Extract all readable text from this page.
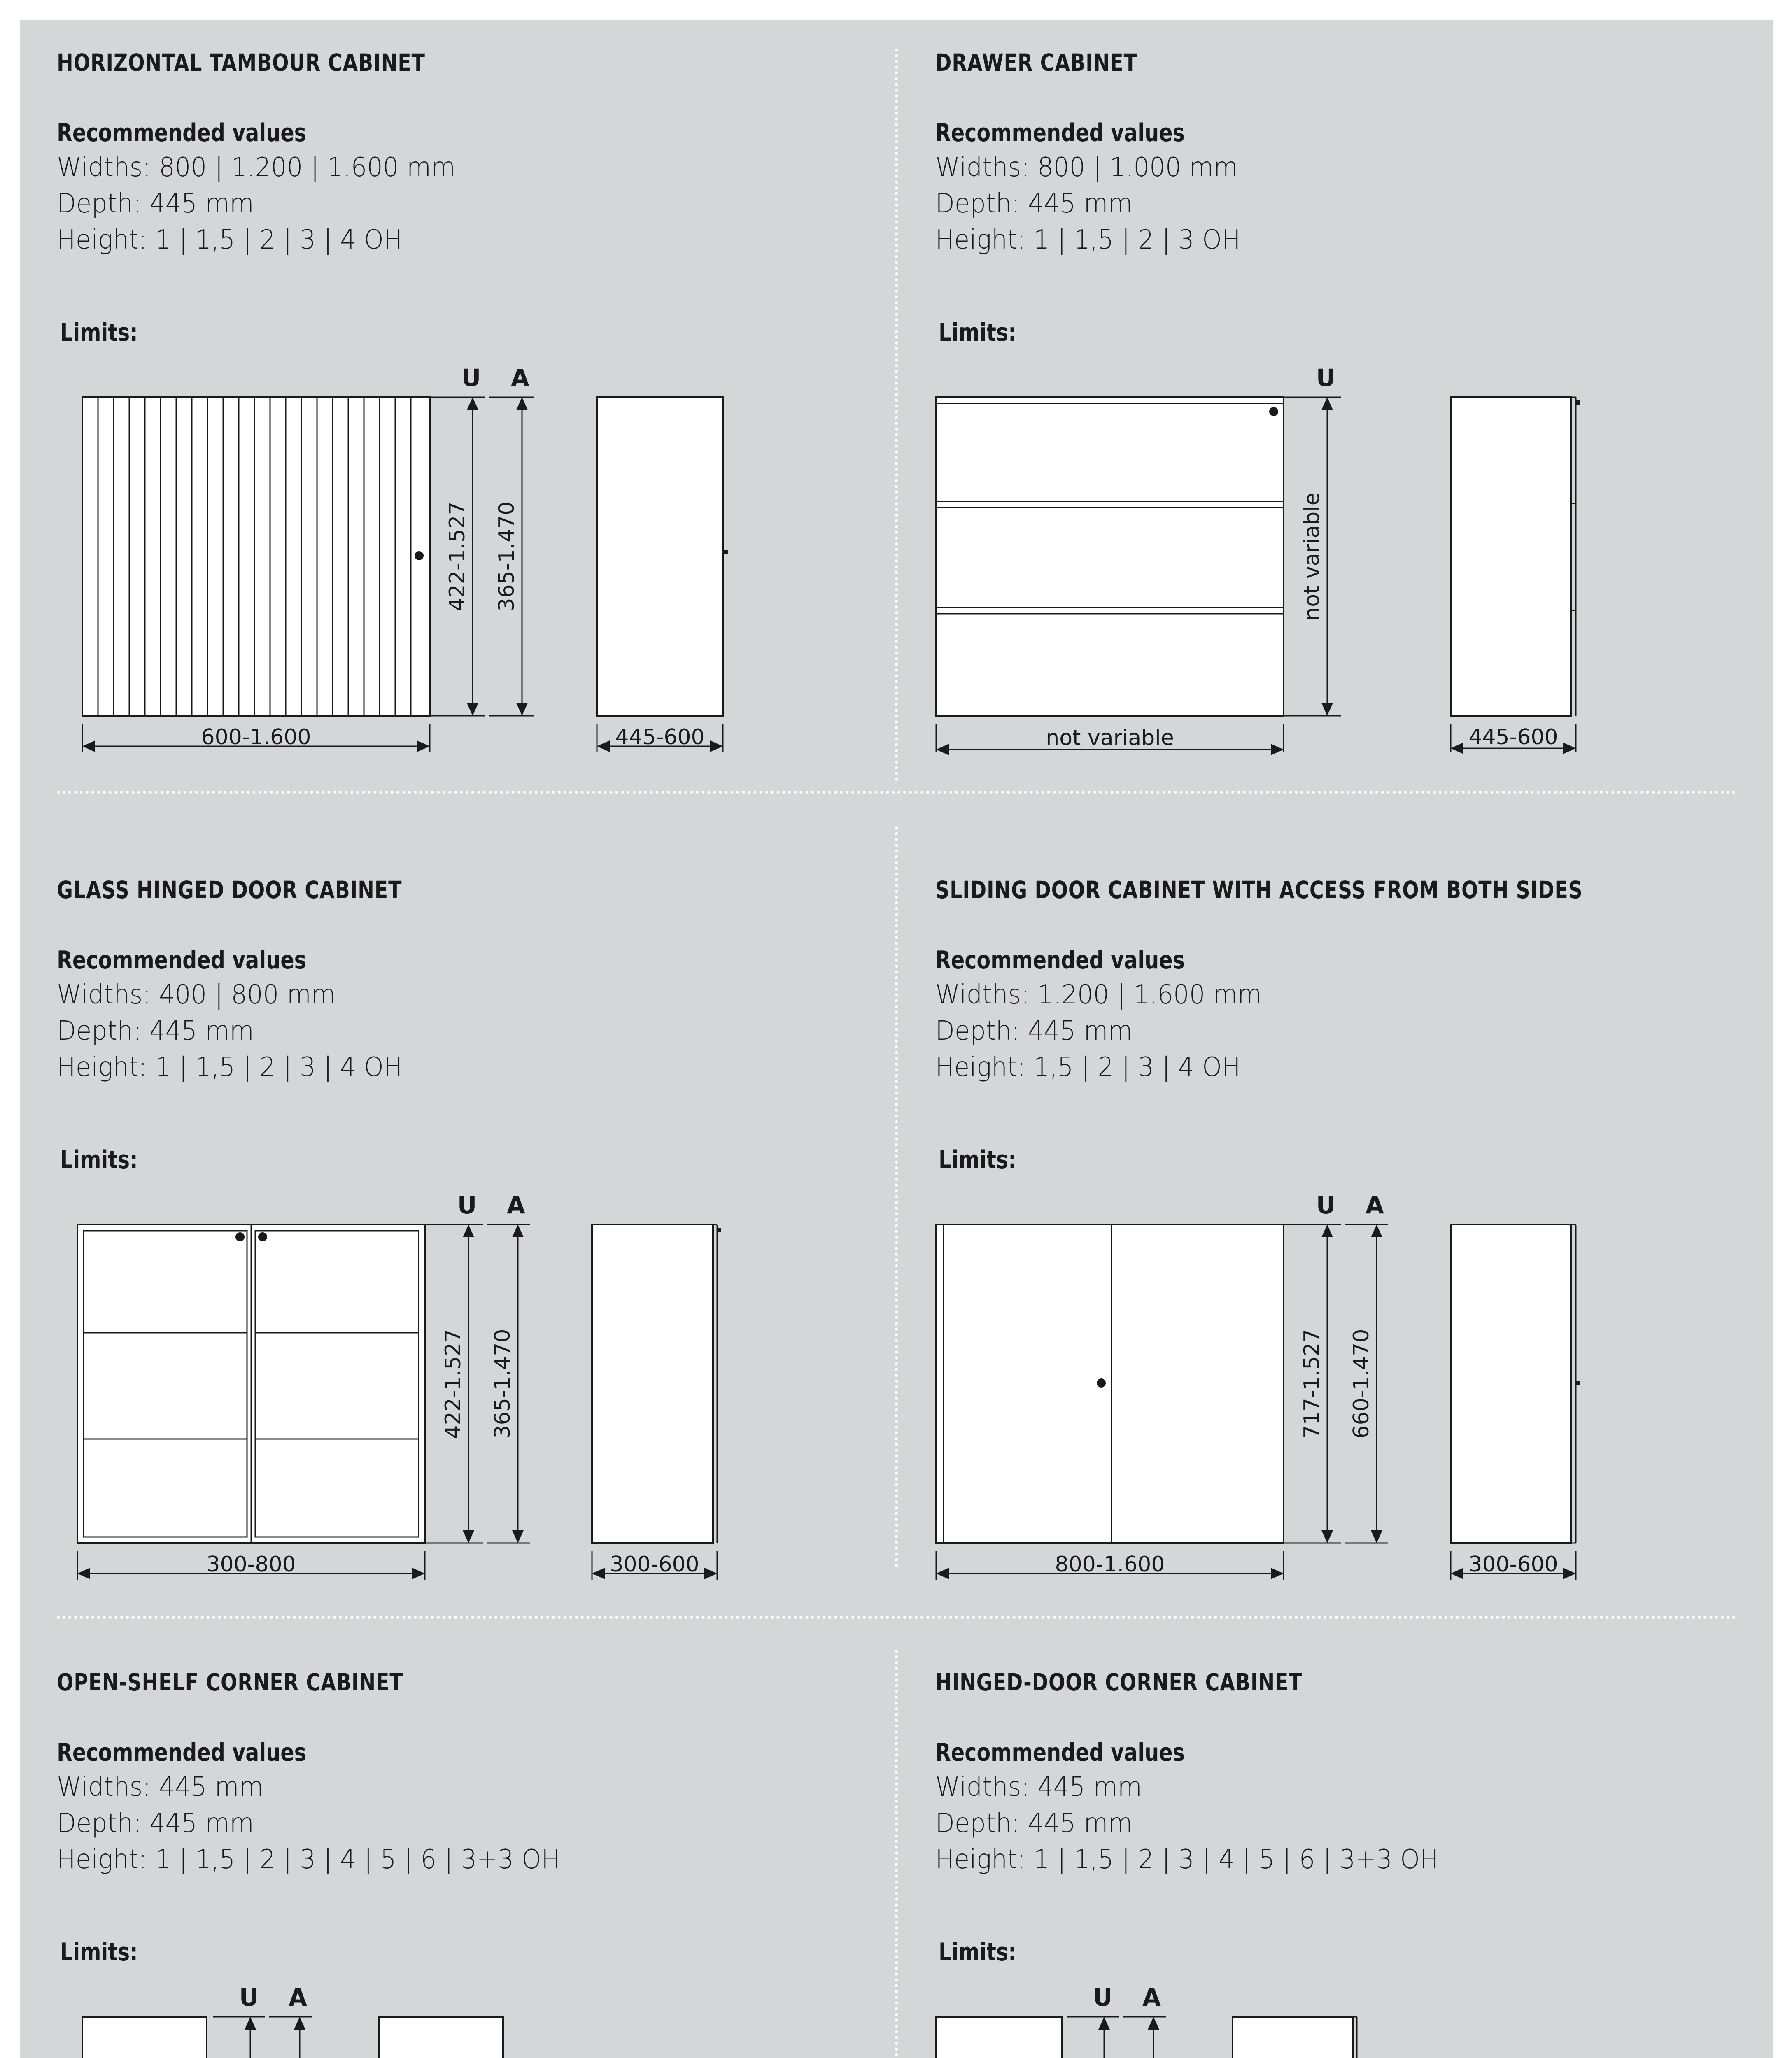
HORIZONTAL TAMBOUR CABINET
Recommended values
Widths: 800 | 1.200 | 1.600 mm
Depth: 445 mm
Height: 1 | 1,5 | 2 | 3 | 4 OH
Limits:
U A
422-1.527 365-1.470
600-1.600	445-600
DRAWER CABINET
Recommended values
Widths: 800 | 1.000 mm
Depth: 445 mm
Height: 1 | 1,5 | 2 | 3 OH
Limits:
U
not variable
not variable	445-600
GLASS HINGED DOOR CABINET
Recommended values
Widths: 400 | 800 mm
Depth: 445 mm
Height: 1 | 1,5 | 2 | 3 | 4 OH
Limits:
U A
422-1.527 365-1.470
300-800	300-600
SLIDING DOOR CABINET WITH ACCESS FROM BOTH SIDES
Recommended values
Widths: 1.200 | 1.600 mm
Depth: 445 mm
Height: 1,5 | 2 | 3 | 4 OH
Limits:
U A
717-1.527 660-1.470
800-1.600	300-600
OPEN-SHELF CORNER CABINET
Recommended values
Widths: 445 mm
Depth: 445 mm
Height: 1 | 1,5 | 2 | 3 | 4 | 5 | 6 | 3+3 OH
Limits:
U A
HINGED-DOOR CORNER CABINET
Recommended values
Widths: 445 mm
Depth: 445 mm
Height: 1 | 1,5 | 2 | 3 | 4 | 5 | 6 | 3+3 OH
Limits:
U A
